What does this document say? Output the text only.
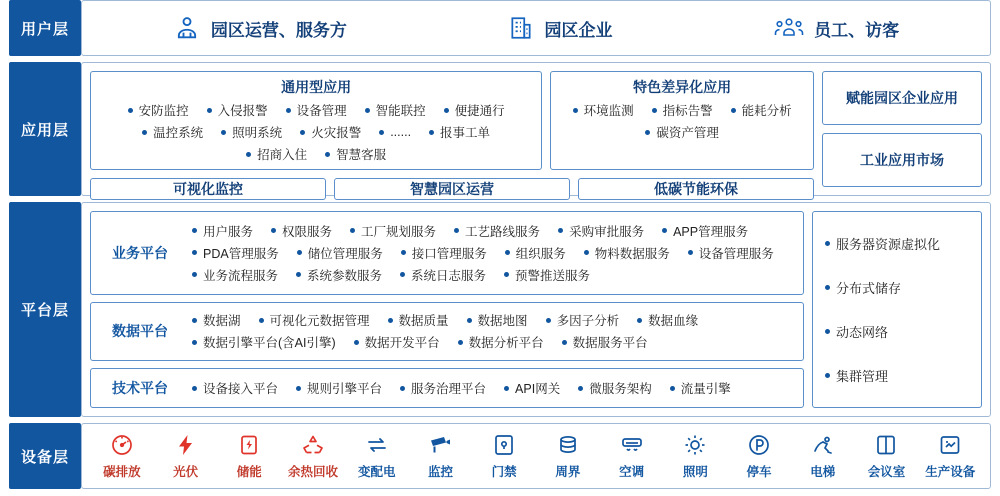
用户层	园区运营、服务方	园区企业	员工、访客
应用层
通用型应用
安防监控	入侵报警	设备管理	智能联控	便捷通行
温控系统	照明系统	火灾报警	......	报事工单
招商入住	智慧客服
特色差异化应用
环境监测	指标告警	能耗分析
碳资产管理
可视化监控	智慧园区运营	低碳节能环保
赋能园区企业应用
工业应用市场
平台层
业务平台
用户服务	权限服务	工厂规划服务	工艺路线服务	采购审批服务	APP管理服务
PDA管理服务	储位管理服务	接口管理服务	组织服务	物料数据服务	设备管理服务
业务流程服务	系统参数服务	系统日志服务	预警推送服务
数据平台
数据湖	可视化元数据管理	数据质量	数据地图	多因子分析	数据血缘
数据引擎平台(含AI引擎)	数据开发平台	数据分析平台	数据服务平台
技术平台	设备接入平台	规则引擎平台	服务治理平台	API网关	微服务架构	流量引擎
服务器资源虚拟化
分布式储存
动态网络
集群管理
设备层
碳排放	光伏	储能 余热回收 变配电	监控	门禁	周界	空调	照明	停车	电梯	会议室 生产设备
